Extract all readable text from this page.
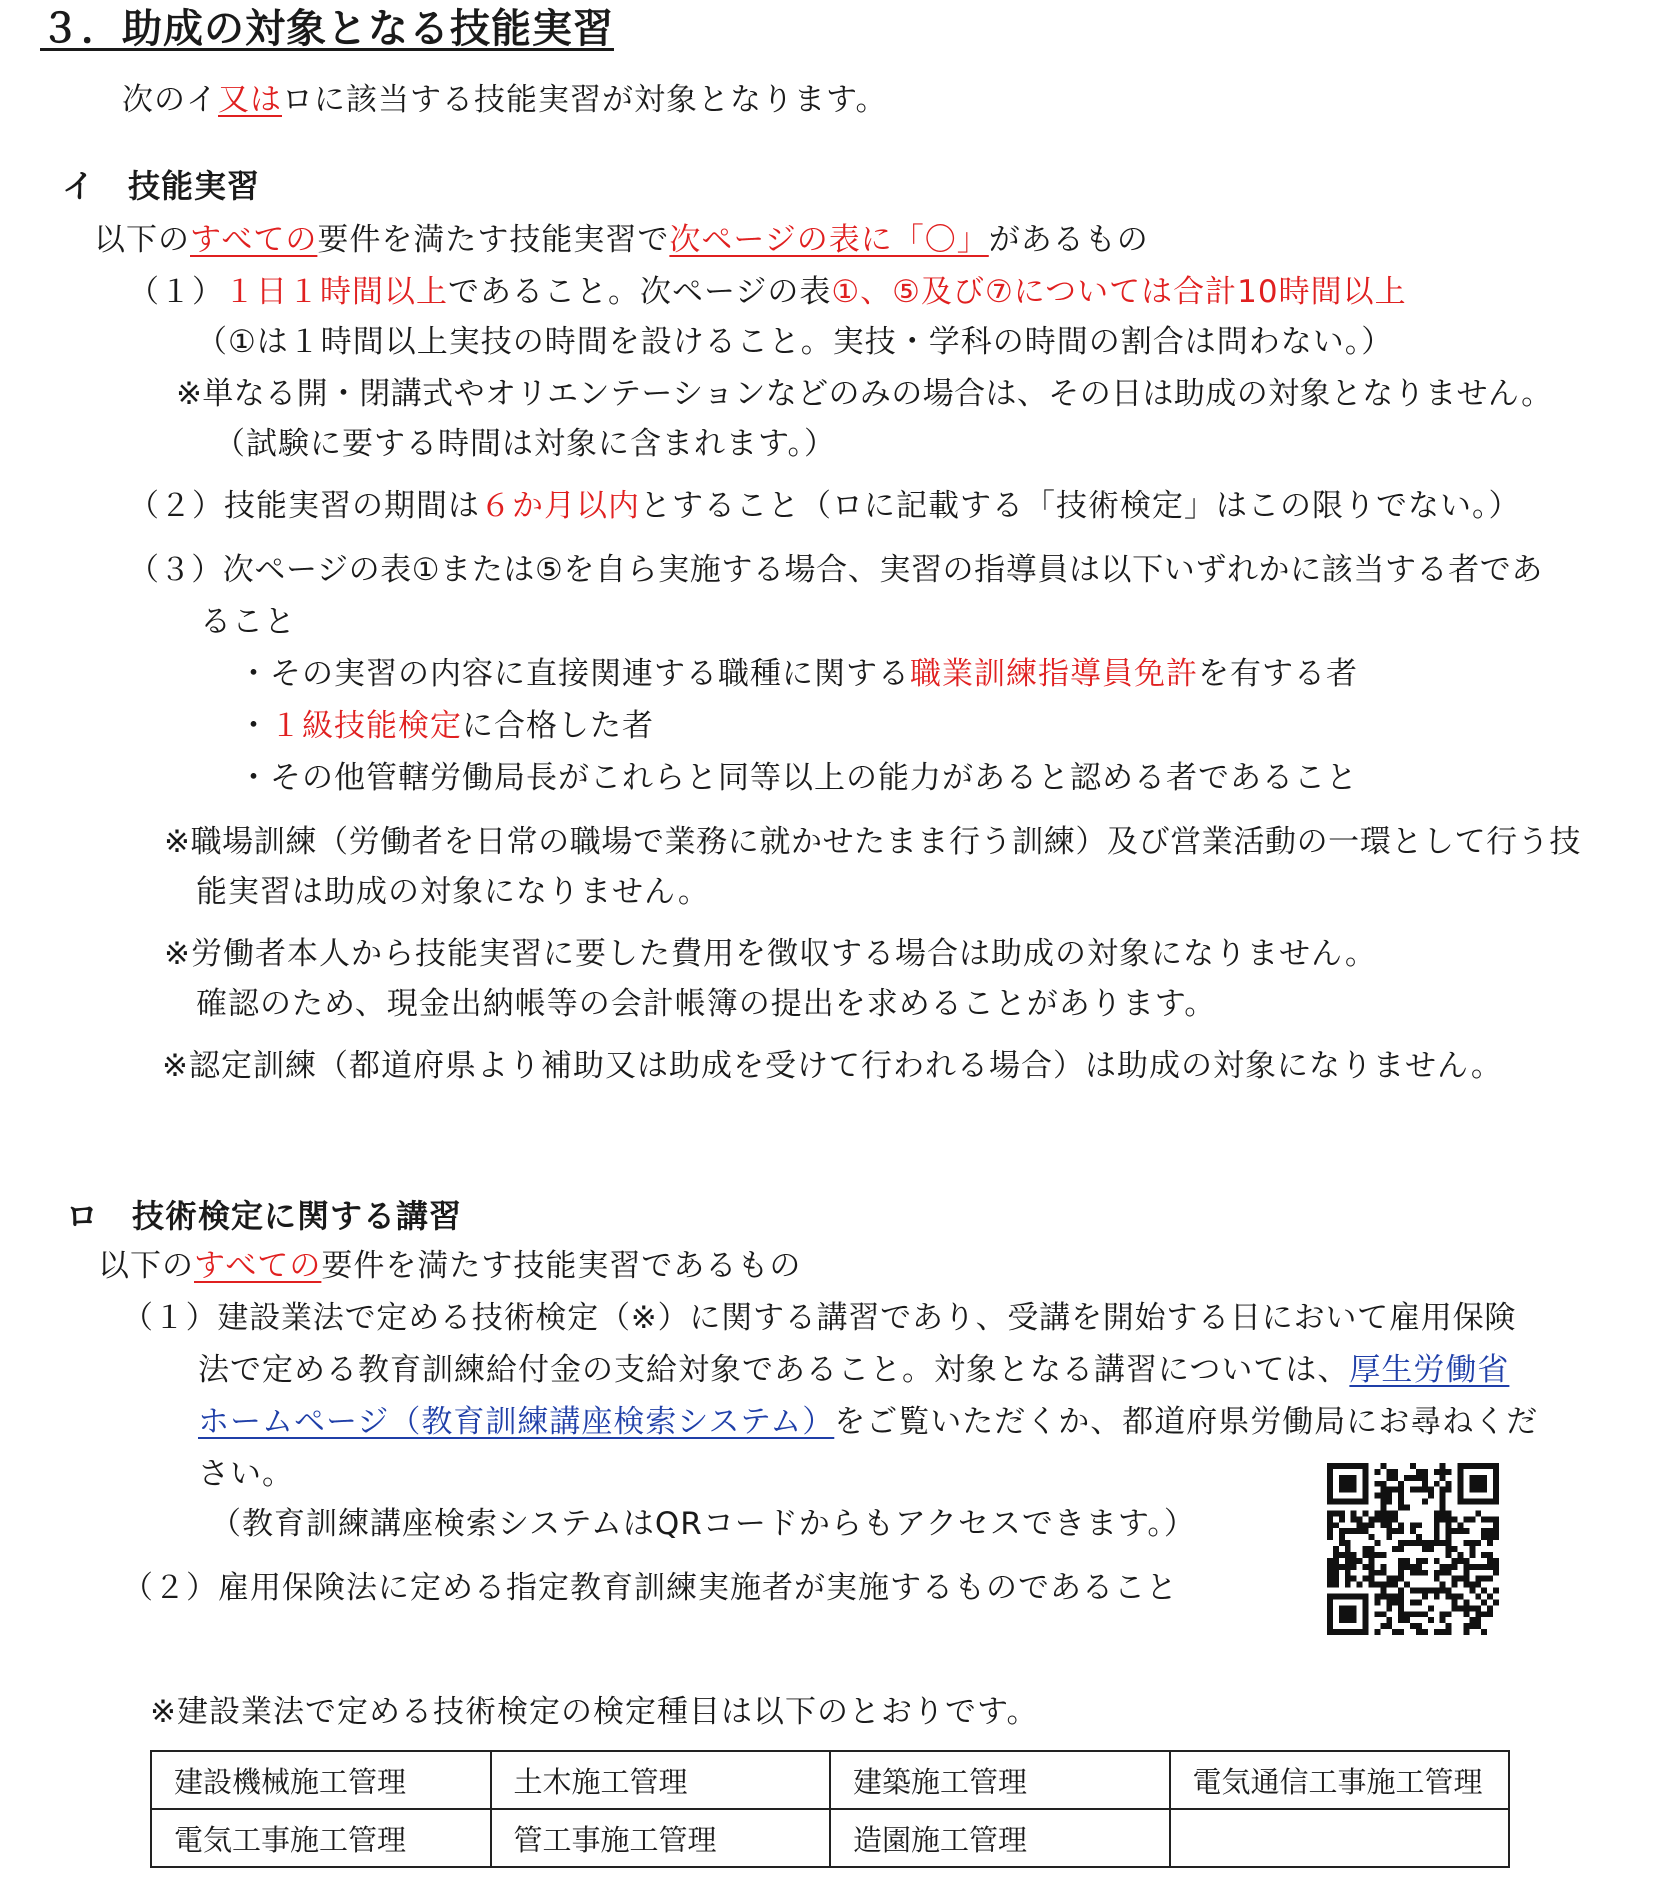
３．助成の対象となる技能実習
次のイ又はロに該当する技能実習が対象となります。
イ　技能実習
以下のすべての要件を満たす技能実習で次ページの表に「〇」があるもの
（１）１日１時間以上であること。次ページの表①、⑤及び⑦については合計10時間以上
（①は１時間以上実技の時間を設けること。実技・学科の時間の割合は問わない。）
※単なる開・閉講式やオリエンテーションなどのみの場合は、その日は助成の対象となりません。
（試験に要する時間は対象に含まれます。）
（２）技能実習の期間は６か月以内とすること（ロに記載する「技術検定」はこの限りでない。）
（３）次ページの表①または⑤を自ら実施する場合、実習の指導員は以下いずれかに該当する者であ
ること
・その実習の内容に直接関連する職種に関する職業訓練指導員免許を有する者
・１級技能検定に合格した者
・その他管轄労働局長がこれらと同等以上の能力があると認める者であること
※職場訓練（労働者を日常の職場で業務に就かせたまま行う訓練）及び営業活動の一環として行う技
能実習は助成の対象になりません。
※労働者本人から技能実習に要した費用を徴収する場合は助成の対象になりません。
確認のため、現金出納帳等の会計帳簿の提出を求めることがあります。
※認定訓練（都道府県より補助又は助成を受けて行われる場合）は助成の対象になりません。
ロ　技術検定に関する講習
以下のすべての要件を満たす技能実習であるもの
（１）建設業法で定める技術検定（※）に関する講習であり、受講を開始する日において雇用保険
法で定める教育訓練給付金の支給対象であること。対象となる講習については、厚生労働省
ホームページ（教育訓練講座検索システム）をご覧いただくか、都道府県労働局にお尋ねくだ
さい。
（教育訓練講座検索システムはQRコードからもアクセスできます。）
（２）雇用保険法に定める指定教育訓練実施者が実施するものであること
※建設業法で定める技術検定の検定種目は以下のとおりです。
建設機械施工管理	土木施工管理	建築施工管理	電気通信工事施工管理
電気工事施工管理	管工事施工管理	造園施工管理	
